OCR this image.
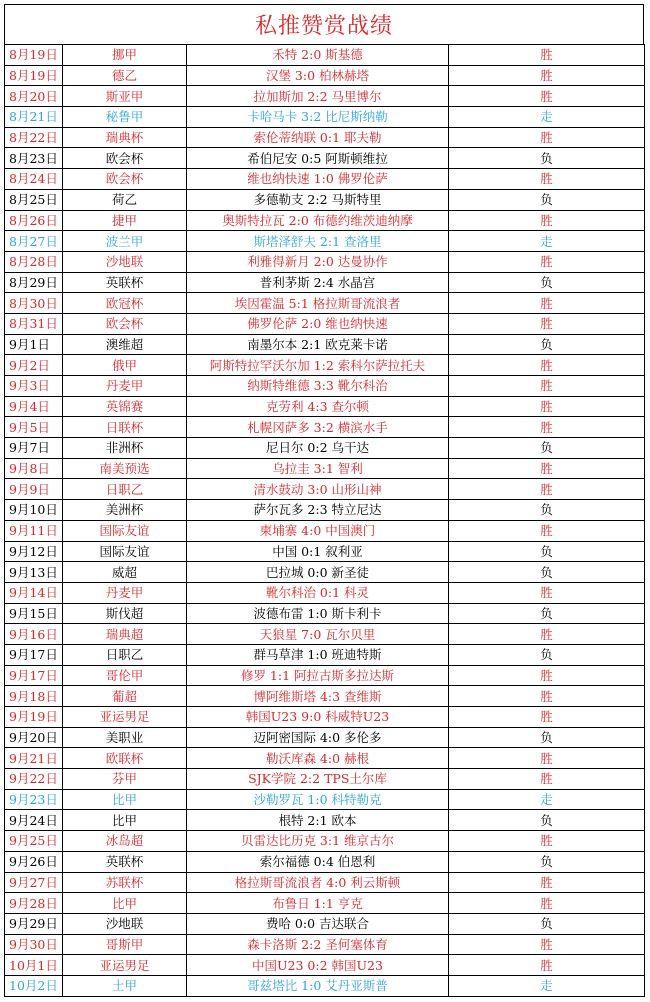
私推赞赏战绩
8月19日	挪甲	禾特 2:0 斯基德	胜
8月19日	德乙	汉堡 3:0 柏林赫塔	胜
8月20日	斯亚甲	拉加斯加 2:2 马里博尔	胜
8月21日	秘鲁甲	卡哈马卡 3:2 比尼斯纳勒	走
8月22日	瑞典杯	索伦蒂纳联 0:1 耶夫勒	胜
8月23日	欧会杯	希伯尼安 0:5 阿斯顿维拉	负
8月24日	欧会杯	维也纳快速 1:0 佛罗伦萨	胜
8月25日	荷乙	多德勒支 2:2 马斯特里	负
8月26日	捷甲	奥斯特拉瓦 2:0 布德约维茨迪纳摩	胜
8月27日	波兰甲	斯塔泽舒夫 2:1 查洛里	走
8月28日	沙地联	利雅得新月 2:0 达曼协作	胜
8月29日	英联杯	普利茅斯 2:4 水晶宫	负
8月30日	欧冠杯	埃因霍温 5:1 格拉斯哥流浪者	胜
8月31日	欧会杯	佛罗伦萨 2:0 维也纳快速	胜
9月1日	澳维超	南墨尔本 2:1 欧克莱卡诺	负
9月2日	俄甲	阿斯特拉罕沃尔加 1:2 索科尔萨拉托夫	胜
9月3日	丹麦甲	纳斯特维德 3:3 靴尔科治	胜
9月4日	英锦赛	克劳利 4:3 查尔顿	胜
9月5日	日联杯	札幌冈萨多 3:2 横滨水手	胜
9月7日	非洲杯	尼日尔 0:2 乌干达	负
9月8日	南美预选	乌拉圭 3:1 智利	胜
9月9日	日职乙	清水鼓动 3:0 山形山神	胜
9月10日	美洲杯	萨尔瓦多 2:3 特立尼达	负
9月11日	国际友谊	柬埔寨 4:0 中国澳门	胜
9月12日	国际友谊	中国 0:1 叙利亚	负
9月13日	威超	巴拉城 0:0 新圣徒	负
9月14日	丹麦甲	靴尔科治 0:1 科灵	胜
9月15日	斯伐超	波德布雷 1:0 斯卡利卡	负
9月16日	瑞典超	天狼星 7:0 瓦尔贝里	胜
9月17日	日职乙	群马草津 1:0 班迪特斯	负
9月17日	哥伦甲	修罗 1:1 阿拉古斯多拉达斯	胜
9月18日	葡超	博阿维斯塔 4:3 查维斯	胜
9月19日	亚运男足	韩国U23 9:0 科威特U23	胜
9月20日	美职业	迈阿密国际 4:0 多伦多	负
9月21日	欧联杯	勒沃库森 4:0 赫根	胜
9月22日	芬甲	SJK学院 2:2 TPS土尔库	胜
9月23日	比甲	沙勒罗瓦 1:0 科特勒克	走
9月24日	比甲	根特 2:1 欧本	负
9月25日	冰岛超	贝雷达比历克 3:1 维京古尔	胜
9月26日	英联杯	索尔福德 0:4 伯恩利	负
9月27日	苏联杯	格拉斯哥流浪者 4:0 利云斯顿	胜
9月28日	比甲	布鲁日 1:1 亨克	胜
9月29日	沙地联	费哈 0:0 吉达联合	负
9月30日	哥斯甲	森卡洛斯 2:2 圣何塞体育	胜
10月1日	亚运男足	中国U23 0:2 韩国U23	胜
10月2日	土甲	哥兹塔比 1:0 艾丹亚斯普	走
